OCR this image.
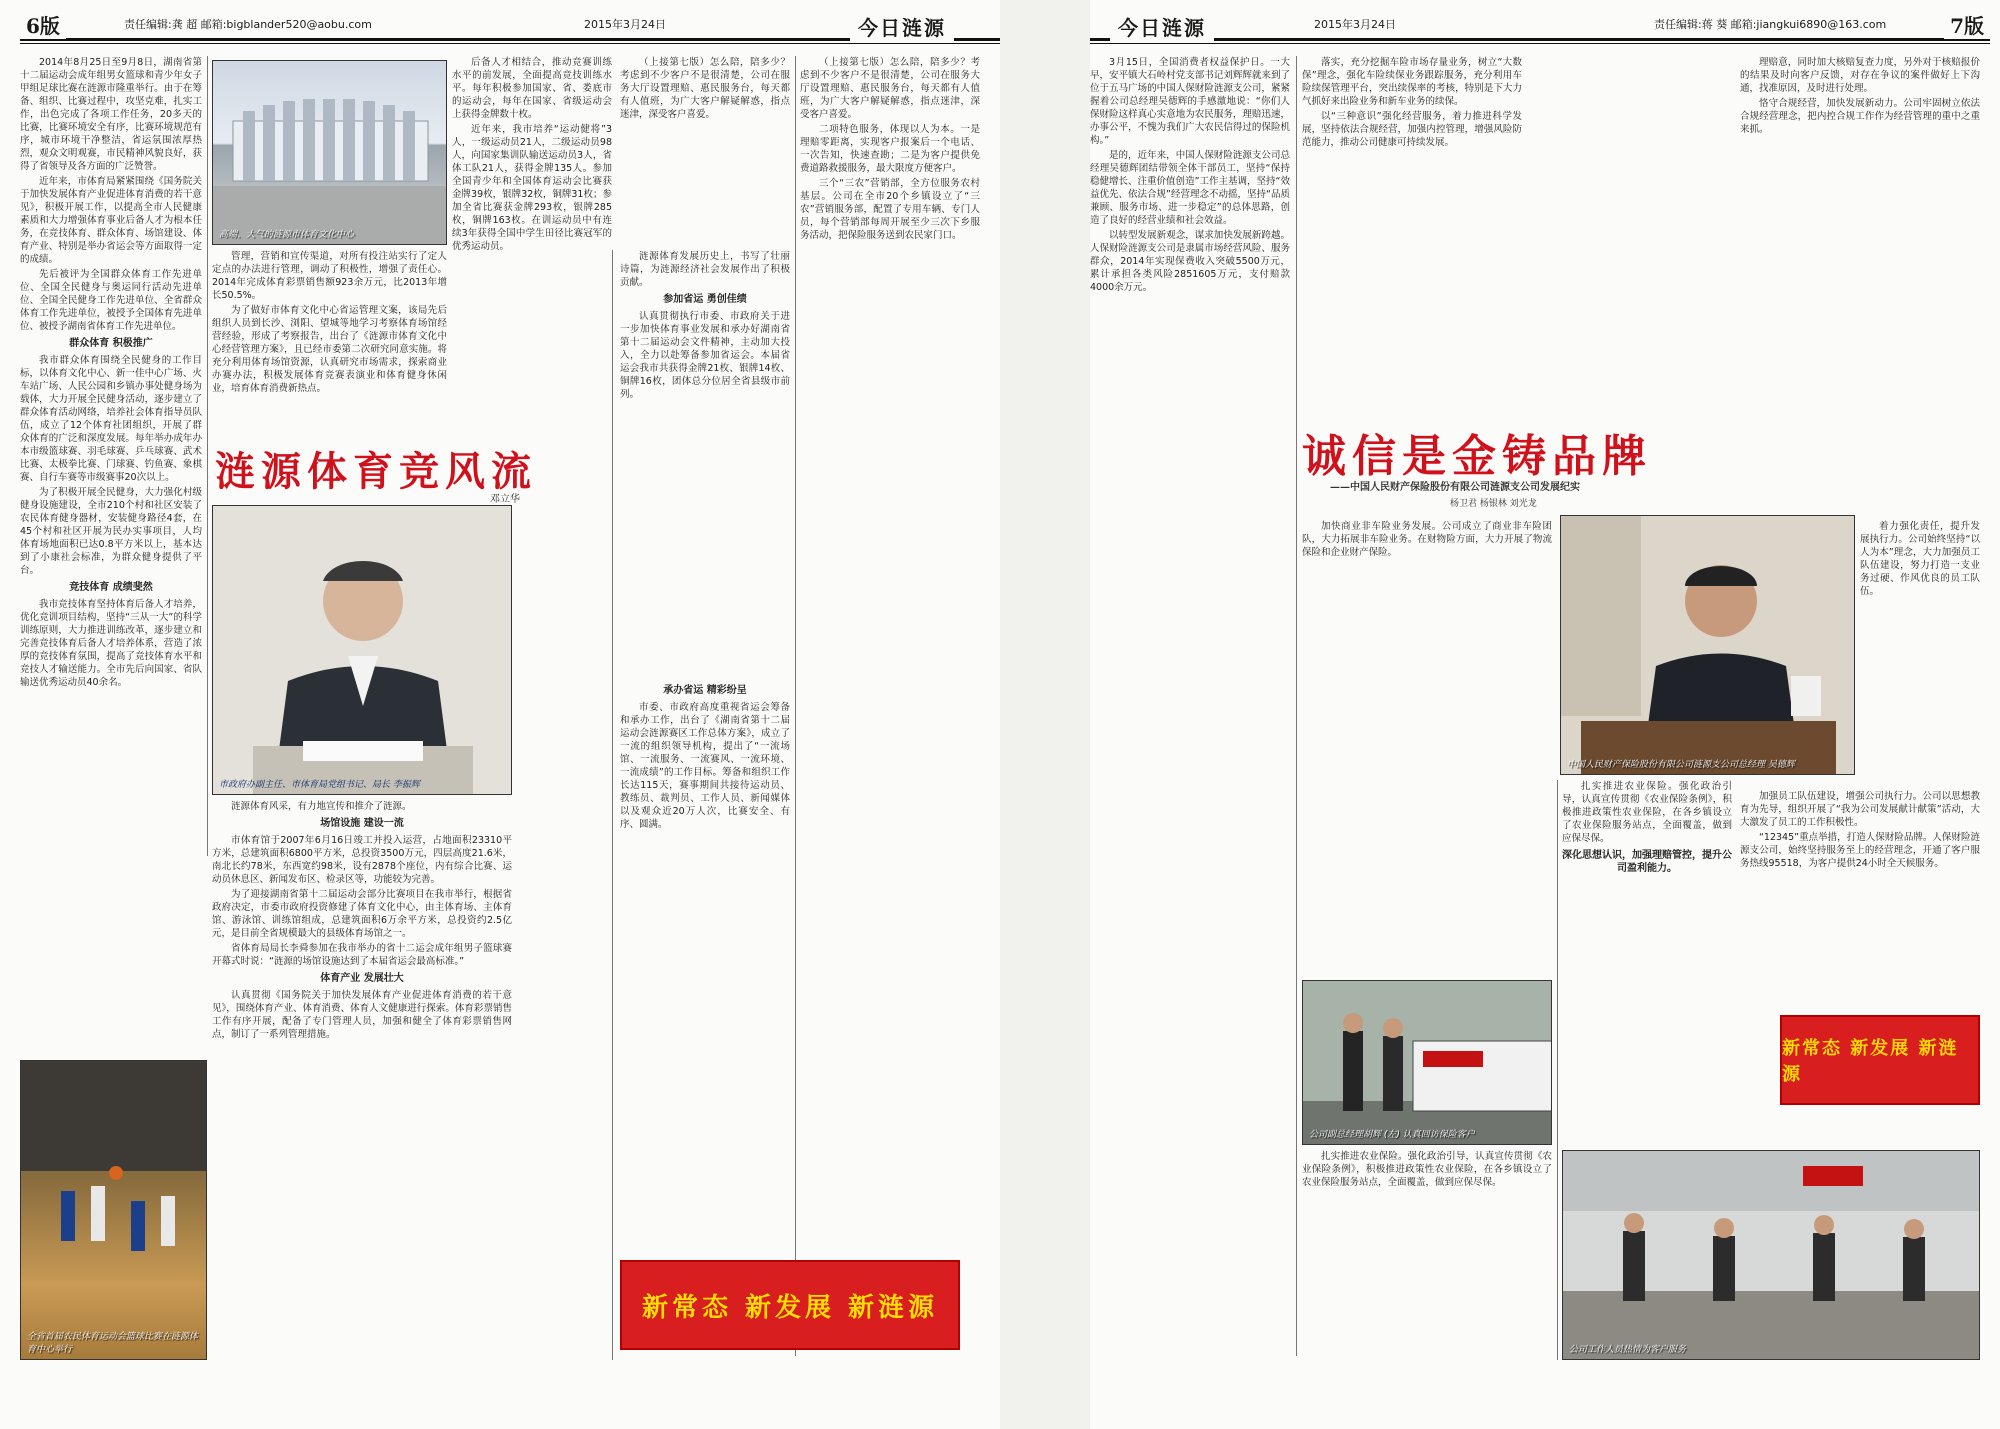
6版	责任编辑:龚 超 邮箱:bigblander520@aobu.com	2015年3月24日	今日涟源

2014年8月25日至9月8日，湖南省第十二届运动会成年组男女篮球和青少年女子甲组足球比赛在涟源市隆重举行。由于在筹备、组织、比赛过程中，攻坚克难，扎实工作，出色完成了各项工作任务，20多天的比赛，比赛环境安全有序，比赛环境规范有序，城市环境干净整洁，省运氛围浓厚热烈，观众文明观赛，市民精神风貌良好，获得了省领导及各方面的广泛赞誉。

近年来，市体育局紧紧围绕《国务院关于加快发展体育产业促进体育消费的若干意见》，积极开展工作，以提高全市人民健康素质和大力增强体育事业后备人才为根本任务，在竞技体育、群众体育、场馆建设、体育产业、特别是举办省运会等方面取得一定的成绩。

先后被评为全国群众体育工作先进单位、全国全民健身与奥运同行活动先进单位、全国全民健身工作先进单位、全省群众体育工作先进单位，被授予全国体育先进单位、被授予湖南省体育工作先进单位。

群众体育 积极推广

我市群众体育围绕全民健身的工作目标，以体育文化中心、新一佳中心广场、火车站广场、人民公园和乡镇办事处健身场为载体，大力开展全民健身活动，逐步建立了群众体育活动网络，培养社会体育指导员队伍，成立了12个体育社团组织，开展了群众体育的广泛和深度发展。每年举办成年办本市级篮球赛、羽毛球赛、乒乓球赛、武术比赛、太极拳比赛、门球赛、钓鱼赛、象棋赛、自行车赛等市级赛事20次以上。

为了积极开展全民健身，大力强化村级健身设施建设，全市210个村和社区安装了农民体育健身器材，安装健身路径4套，在45个村和社区开展为民办实事项目，人均体育场地面积已达0.8平方米以上，基本达到了小康社会标准，为群众健身提供了平台。

竞技体育 成绩斐然

我市竞技体育坚持体育后备人才培养，优化竞训项目结构，坚持“三从一大”的科学训练原则，大力推进训练改革，逐步建立和完善竞技体育后备人才培养体系，营造了浓厚的竞技体育氛围，提高了竞技体育水平和竞技人才输送能力。全市先后向国家、省队输送优秀运动员40余名。

高端、大气的涟源市体育文化中心

后备人才相结合，推动竞赛训练水平的前发展，全面提高竞技训练水平。每年积极参加国家、省、娄底市的运动会，每年在国家、省级运动会上获得金牌数十枚。

近年来，我市培养“运动健将”3人，一级运动员21人，二级运动员98人，向国家集训队输送运动员3人，省体工队21人，获得金牌135人。参加全国青少年和全国体育运动会比赛获金牌39枚，银牌32枚，铜牌31枚；参加全省比赛获金牌293枚，银牌285枚，铜牌163枚。在训运动员中有连续3年获得全国中学生田径比赛冠军的优秀运动员。

管理，营销和宣传渠道，对所有投注站实行了定人定点的办法进行管理，调动了积极性，增强了责任心。2014年完成体育彩票销售额923余万元，比2013年增长50.5%。

为了做好市体育文化中心省运管理文案，该局先后组织人员到长沙、浏阳、望城等地学习考察体育场馆经营经验，形成了考察报告，出台了《涟源市体育文化中心经营管理方案》，且已经市委第二次研究同意实施。将充分利用体育场馆资源，认真研究市场需求，探索商业办赛办法，积极发展体育竞赛表演业和体育健身休闲业，培育体育消费新热点。

涟源体育竞风流
邓立华
市政府办副主任、市体育局党组书记、局长 李振辉

涟源体育风采，有力地宣传和推介了涟源。

场馆设施 建设一流

市体育馆于2007年6月16日竣工并投入运营，占地面积23310平方米，总建筑面积6800平方米，总投资3500万元，四层高度21.6米，南北长约78米，东西宽约98米，设有2878个座位，内有综合比赛、运动员休息区、新闻发布区、检录区等，功能较为完善。

为了迎接湖南省第十二届运动会部分比赛项目在我市举行，根据省政府决定，市委市政府投资修建了体育文化中心，由主体育场、主体育馆、游泳馆、训练馆组成，总建筑面积6万余平方米，总投资约2.5亿元，是目前全省规模最大的县级体育场馆之一。

省体育局局长李舜参加在我市举办的省十二运会成年组男子篮球赛开幕式时说：“涟源的场馆设施达到了本届省运会最高标准。”

体育产业 发展壮大

认真贯彻《国务院关于加快发展体育产业促进体育消费的若干意见》，围绕体育产业、体育消费、体育人文健康进行探索。体育彩票销售工作有序开展，配备了专门管理人员，加强和健全了体育彩票销售网点，制订了一系列管理措施。

全省首届农民体育运动会篮球比赛在涟源体育中心举行

（上接第七版）怎么陪，陪多少？考虑到不少客户不是很清楚，公司在服务大厅设置理赔、惠民服务台，每天都有人值班，为广大客户解疑解惑，指点迷津，深受客户喜爱。

涟源体育发展历史上，书写了壮丽诗篇，为涟源经济社会发展作出了积极贡献。

参加省运 勇创佳绩

认真贯彻执行市委、市政府关于进一步加快体育事业发展和承办好湖南省第十二届运动会文件精神，主动加大投入，全力以赴筹备参加省运会。本届省运会我市共获得金牌21枚、银牌14枚、铜牌16枚，团体总分位居全省县级市前列。

承办省运 精彩纷呈

市委、市政府高度重视省运会筹备和承办工作，出台了《湖南省第十二届运动会涟源赛区工作总体方案》，成立了一流的组织领导机构，提出了“一流场馆、一流服务、一流赛风、一流环境、一流成绩”的工作目标。筹备和组织工作长达115天，赛事期间共接待运动员、教练员、裁判员、工作人员、新闻媒体以及观众近20万人次，比赛安全、有序、圆满。

（上接第七版）怎么陪，陪多少？考虑到不少客户不是很清楚，公司在服务大厅设置理赔、惠民服务台，每天都有人值班，为广大客户解疑解惑，指点迷津，深受客户喜爱。

二项特色服务，体现以人为本。一是理赔零距离，实现客户报案后一个电话、一次告知，快速查勘；二是为客户提供免费道路救援服务，最大限度方便客户。

三个“三农”营销部，全方位服务农村基层。公司在全市20个乡镇设立了“三农”营销服务部，配置了专用车辆、专门人员，每个营销部每周开展至少三次下乡服务活动，把保险服务送到农民家门口。

新常态 新发展 新涟源
今日涟源	2015年3月24日	责任编辑:蒋 葵 邮箱:jiangkui6890@163.com	7版

3月15日，全国消费者权益保护日。一大早，安平镇大石岭村党支部书记刘辉辉就来到了位于五马广场的中国人保财险涟源支公司，紧紧握着公司总经理吴德辉的手感激地说：“你们人保财险这样真心实意地为农民服务，理赔迅速，办事公平，不愧为我们广大农民信得过的保险机构。”

是的，近年来，中国人保财险涟源支公司总经理吴德辉团结带领全体干部员工，坚持“保持稳健增长、注重价值创造”工作主基调，坚持“效益优先、依法合规”经营理念不动摇，坚持“品质兼顾、服务市场、进一步稳定”的总体思路，创造了良好的经营业绩和社会效益。

以转型发展新观念，谋求加快发展新跨越。人保财险涟源支公司是隶属市场经营风险、服务群众，2014年实现保费收入突破5500万元，累计承担各类风险2851605万元，支付赔款4000余万元。

落实，充分挖掘车险市场存量业务，树立“大数保”理念，强化车险续保业务跟踪服务，充分利用车险续保管理平台，突出续保率的考核，特别是下大力气抓好来出险业务和新车业务的续保。

以“三种意识”强化经营服务，着力推进科学发展，坚持依法合规经营，加强内控管理，增强风险防范能力，推动公司健康可持续发展。

诚信是金铸品牌
——中国人民财产保险股份有限公司涟源支公司发展纪实
杨卫君 杨银林 刘光龙
中国人民财产保险股份有限公司涟源支公司总经理 吴德辉

加快商业非车险业务发展。公司成立了商业非车险团队，大力拓展非车险业务。在财物险方面，大力开展了物流保险和企业财产保险。

公司副总经理胡辉 (左) 认真回访保险客户

扎实推进农业保险。强化政治引导，认真宣传贯彻《农业保险条例》，积极推进政策性农业保险，在各乡镇设立了农业保险服务站点，全面覆盖，做到应保尽保。

扎实推进农业保险。强化政治引导，认真宣传贯彻《农业保险条例》，积极推进政策性农业保险，在各乡镇设立了农业保险服务站点，全面覆盖，做到应保尽保。

深化思想认识，加强理赔管控，提升公司盈利能力。

理赔意，同时加大核赔复查力度，另外对于核赔报价的结果及时向客户反馈，对存在争议的案件做好上下沟通，找准原因，及时进行处理。

恪守合规经营，加快发展新动力。公司牢固树立依法合规经营理念，把内控合规工作作为经营管理的重中之重来抓。

着力强化责任，提升发展执行力。公司始终坚持“以人为本”理念，大力加强员工队伍建设，努力打造一支业务过硬、作风优良的员工队伍。

加强员工队伍建设，增强公司执行力。公司以思想教育为先导，组织开展了“我为公司发展献计献策”活动，大大激发了员工的工作积极性。

“12345”重点举措，打造人保财险品牌。人保财险涟源支公司，始终坚持服务至上的经营理念，开通了客户服务热线95518，为客户提供24小时全天候服务。

新常态 新发展 新涟源
公司工作人员热情为客户服务
